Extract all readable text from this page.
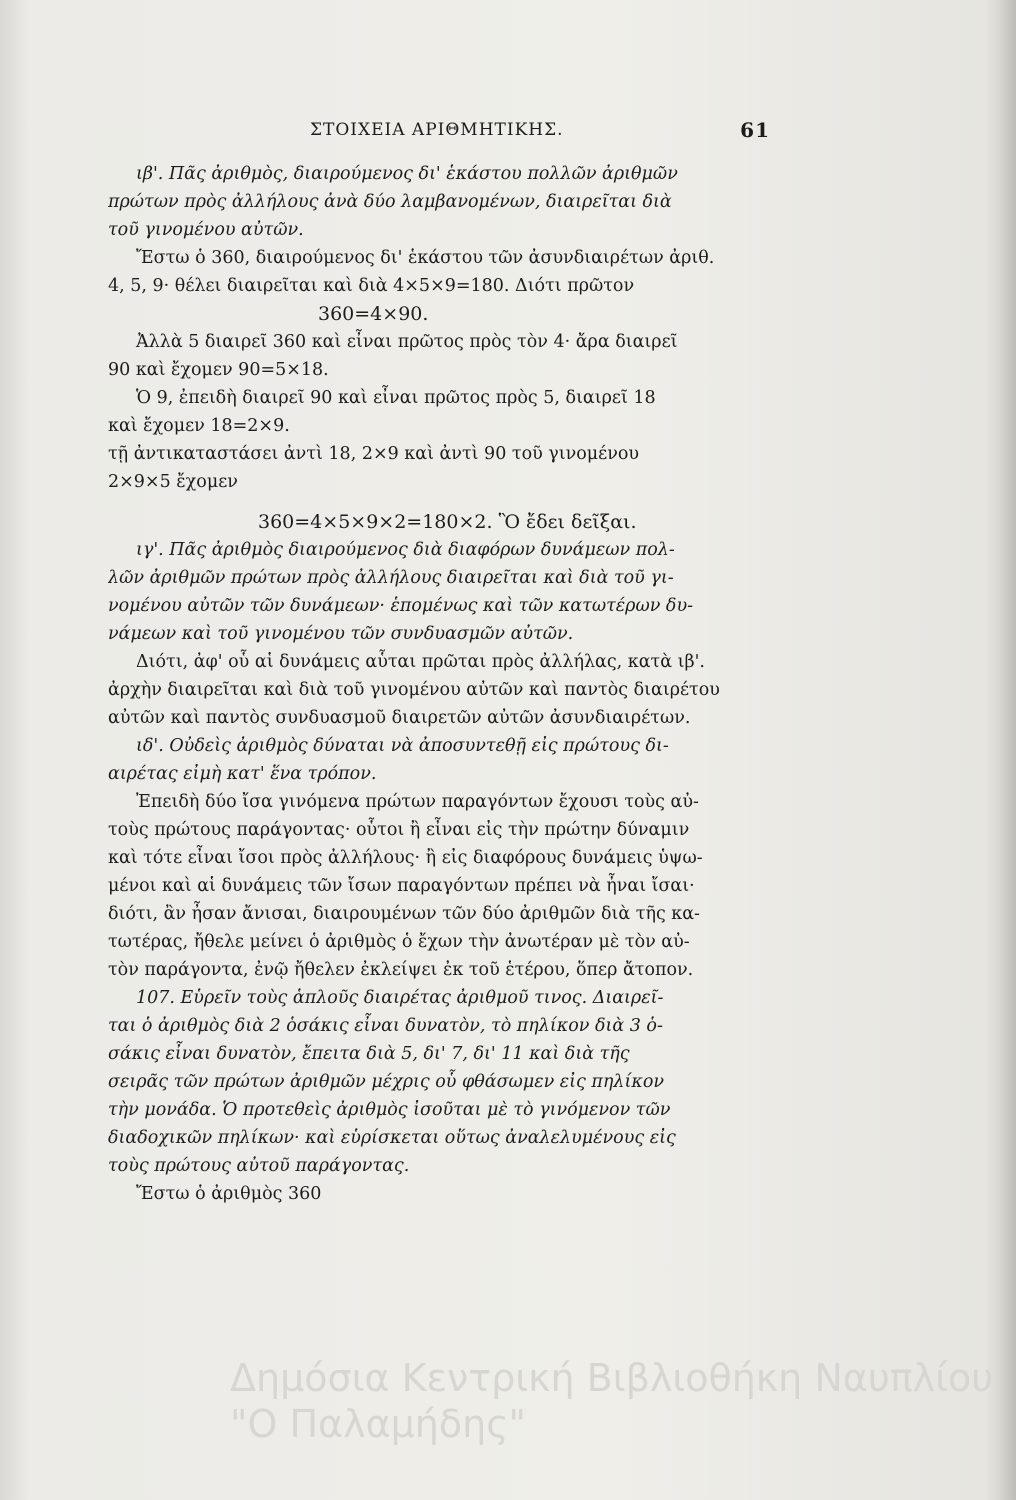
ΣΤΟΙΧΕΙΑ ΑΡΙΘΜΗΤΙΚΗΣ.	61
ιβ'. Πᾶς ἀριθμὸς, διαιρούμενος δι' ἑκάστου πολλῶν ἀριθμῶν
πρώτων πρὸς ἀλλήλους ἀνὰ δύο λαμβανομένων, διαιρεῖται διὰ
τοῦ γινομένου αὐτῶν.
Ἔστω ὁ 360, διαιρούμενος δι' ἑκάστου τῶν ἀσυνδιαιρέτων ἀριθ.
4, 5, 9· θέλει διαιρεῖται καὶ διὰ 4×5×9=180. Διότι πρῶτον
360=4×90.
Ἀλλὰ 5 διαιρεῖ 360 καὶ εἶναι πρῶτος πρὸς τὸν 4· ἄρα διαιρεῖ
90 καὶ ἔχομεν 90=5×18.
Ὁ 9, ἐπειδὴ διαιρεῖ 90 καὶ εἶναι πρῶτος πρὸς 5, διαιρεῖ 18
καὶ ἔχομεν 18=2×9.
τῇ ἀντικαταστάσει ἀντὶ 18, 2×9 καὶ ἀντὶ 90 τοῦ γινομένου
2×9×5 ἔχομεν
360=4×5×9×2=180×2. Ὃ ἔδει δεῖξαι.
ιγ'. Πᾶς ἀριθμὸς διαιρούμενος διὰ διαφόρων δυνάμεων πολ-
λῶν ἀριθμῶν πρώτων πρὸς ἀλλήλους διαιρεῖται καὶ διὰ τοῦ γι-
νομένου αὐτῶν τῶν δυνάμεων· ἑπομένως καὶ τῶν κατωτέρων δυ-
νάμεων καὶ τοῦ γινομένου τῶν συνδυασμῶν αὐτῶν.
Διότι, ἀφ' οὗ αἱ δυνάμεις αὗται πρῶται πρὸς ἀλλήλας, κατὰ ιβ'.
ἀρχὴν διαιρεῖται καὶ διὰ τοῦ γινομένου αὐτῶν καὶ παντὸς διαιρέτου
αὐτῶν καὶ παντὸς συνδυασμοῦ διαιρετῶν αὐτῶν ἀσυνδιαιρέτων.
ιδ'. Οὐδεὶς ἀριθμὸς δύναται νὰ ἀποσυντεθῇ εἰς πρώτους δι-
αιρέτας εἰμὴ κατ' ἕνα τρόπον.
Ἐπειδὴ δύο ἴσα γινόμενα πρώτων παραγόντων ἔχουσι τοὺς αὐ-
τοὺς πρώτους παράγοντας· οὗτοι ἢ εἶναι εἰς τὴν πρώτην δύναμιν
καὶ τότε εἶναι ἴσοι πρὸς ἀλλήλους· ἢ εἰς διαφόρους δυνάμεις ὑψω-
μένοι καὶ αἱ δυνάμεις τῶν ἴσων παραγόντων πρέπει νὰ ἦναι ἴσαι·
διότι, ἂν ἦσαν ἄνισαι, διαιρουμένων τῶν δύο ἀριθμῶν διὰ τῆς κα-
τωτέρας, ἤθελε μείνει ὁ ἀριθμὸς ὁ ἔχων τὴν ἀνωτέραν μὲ τὸν αὐ-
τὸν παράγοντα, ἐνῷ ἤθελεν ἐκλείψει ἐκ τοῦ ἑτέρου, ὅπερ ἄτοπον.
107. Εὑρεῖν τοὺς ἁπλοῦς διαιρέτας ἀριθμοῦ τινος. Διαιρεῖ-
ται ὁ ἀριθμὸς διὰ 2 ὁσάκις εἶναι δυνατὸν, τὸ πηλίκον διὰ 3 ὁ-
σάκις εἶναι δυνατὸν, ἔπειτα διὰ 5, δι' 7, δι' 11 καὶ διὰ τῆς
σειρᾶς τῶν πρώτων ἀριθμῶν μέχρις οὗ φθάσωμεν εἰς πηλίκον
τὴν μονάδα. Ὁ προτεθεὶς ἀριθμὸς ἰσοῦται μὲ τὸ γινόμενον τῶν
διαδοχικῶν πηλίκων· καὶ εὑρίσκεται οὕτως ἀναλελυμένους εἰς
τοὺς πρώτους αὐτοῦ παράγοντας.
Ἔστω ὁ ἀριθμὸς 360
Δημόσια Κεντρική Βιβλιοθήκη Ναυπλίου
"Ο Παλαμήδης"
